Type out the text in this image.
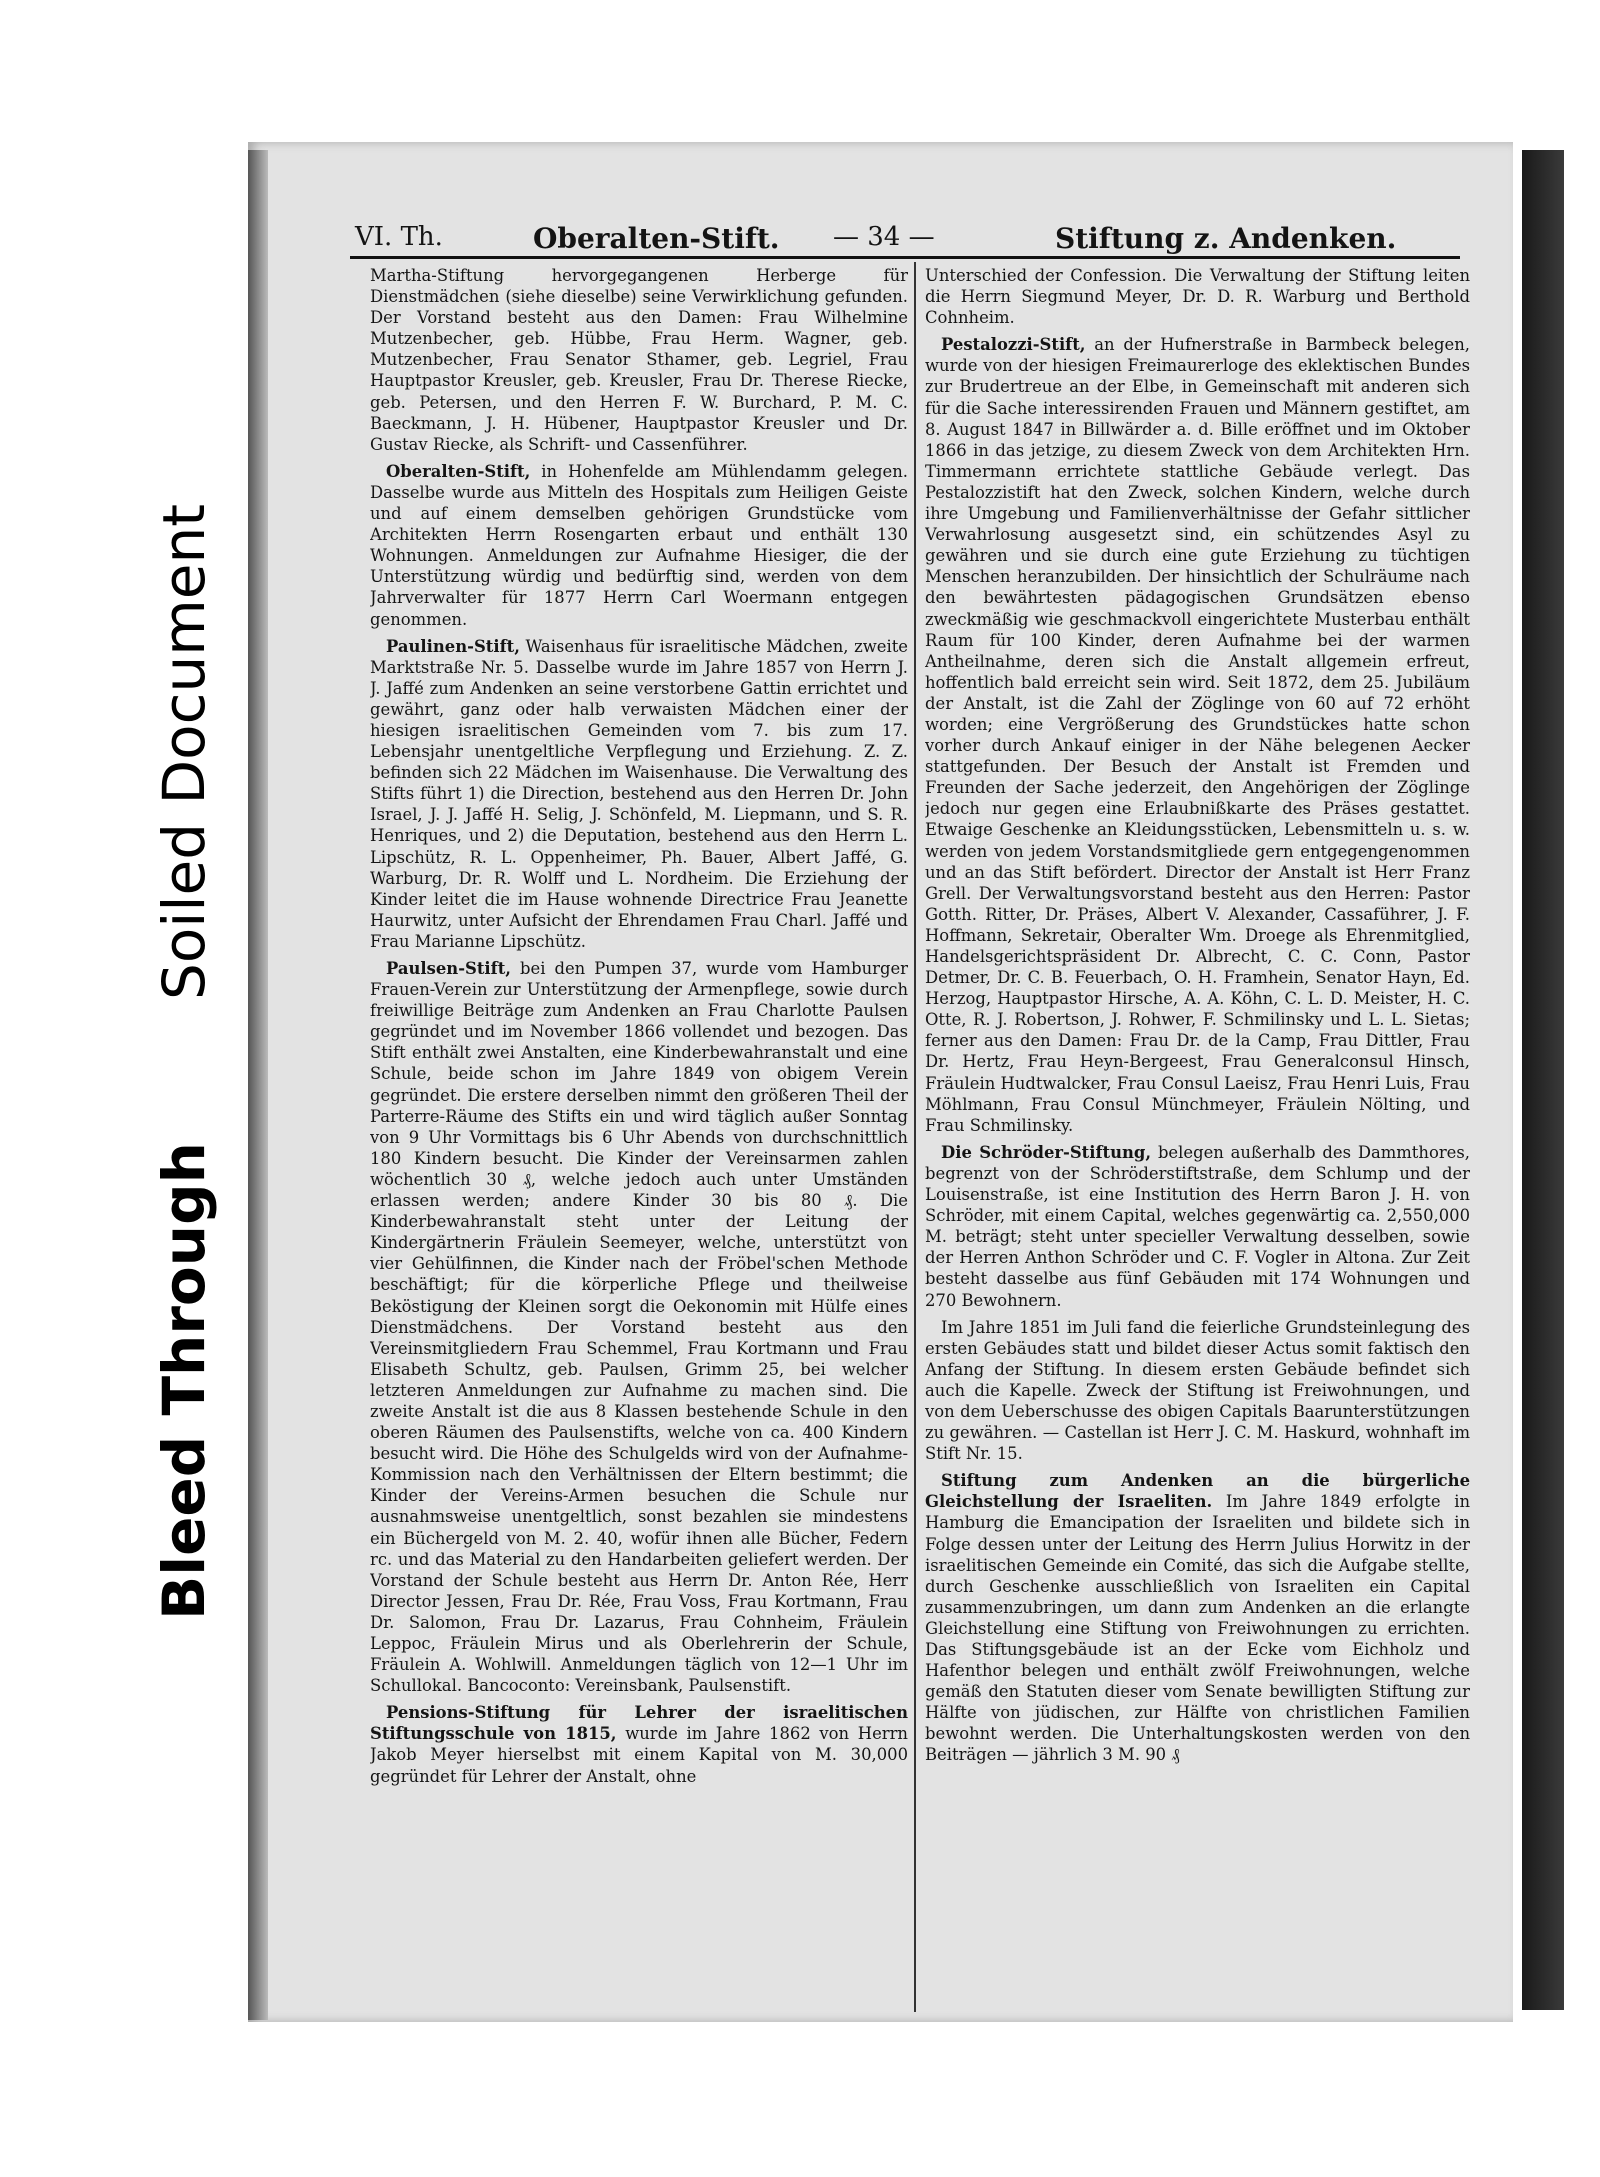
Soiled Document
Bleed Through
VI. Th.	Oberalten-Stift. — 34 —	Stiftung z. Andenken.

Martha-Stiftung hervorgegangenen Herberge für Dienstmädchen (siehe dieselbe) seine Verwirklichung gefunden. Der Vorstand besteht aus den Damen: Frau Wilhelmine Mutzenbecher, geb. Hübbe, Frau Herm. Wagner, geb. Mutzenbecher, Frau Senator Sthamer, geb. Legriel, Frau Hauptpastor Kreusler, geb. Kreusler, Frau Dr. Therese Riecke, geb. Petersen, und den Herren F. W. Burchard, P. M. C. Baeckmann, J. H. Hübener, Hauptpastor Kreusler und Dr. Gustav Riecke, als Schrift- und Cassenführer.

Oberalten-Stift, in Hohenfelde am Mühlendamm gelegen. Dasselbe wurde aus Mitteln des Hospitals zum Heiligen Geiste und auf einem demselben gehörigen Grundstücke vom Architekten Herrn Rosengarten erbaut und enthält 130 Wohnungen. Anmeldungen zur Aufnahme Hiesiger, die der Unterstützung würdig und bedürftig sind, werden von dem Jahrverwalter für 1877 Herrn Carl Woermann entgegen genommen.

Paulinen-Stift, Waisenhaus für israelitische Mädchen, zweite Marktstraße Nr. 5. Dasselbe wurde im Jahre 1857 von Herrn J. J. Jaffé zum Andenken an seine verstorbene Gattin errichtet und gewährt, ganz oder halb verwaisten Mädchen einer der hiesigen israelitischen Gemeinden vom 7. bis zum 17. Lebensjahr unentgeltliche Verpflegung und Erziehung. Z. Z. befinden sich 22 Mädchen im Waisenhause. Die Verwaltung des Stifts führt 1) die Direction, bestehend aus den Herren Dr. John Israel, J. J. Jaffé H. Selig, J. Schönfeld, M. Liepmann, und S. R. Henriques, und 2) die Deputation, bestehend aus den Herrn L. Lipschütz, R. L. Oppenheimer, Ph. Bauer, Albert Jaffé, G. Warburg, Dr. R. Wolff und L. Nordheim. Die Erziehung der Kinder leitet die im Hause wohnende Directrice Frau Jeanette Haurwitz, unter Aufsicht der Ehrendamen Frau Charl. Jaffé und Frau Marianne Lipschütz.

Paulsen-Stift, bei den Pumpen 37, wurde vom Hamburger Frauen-Verein zur Unterstützung der Armenpflege, sowie durch freiwillige Beiträge zum Andenken an Frau Charlotte Paulsen gegründet und im November 1866 vollendet und bezogen. Das Stift enthält zwei Anstalten, eine Kinderbewahranstalt und eine Schule, beide schon im Jahre 1849 von obigem Verein gegründet. Die erstere derselben nimmt den größeren Theil der Parterre-Räume des Stifts ein und wird täglich außer Sonntag von 9 Uhr Vormittags bis 6 Uhr Abends von durchschnittlich 180 Kindern besucht. Die Kinder der Vereinsarmen zahlen wöchentlich 30 ₰, welche jedoch auch unter Umständen erlassen werden; andere Kinder 30 bis 80 ₰. Die Kinderbewahranstalt steht unter der Leitung der Kindergärtnerin Fräulein Seemeyer, welche, unterstützt von vier Gehülfinnen, die Kinder nach der Fröbel'schen Methode beschäftigt; für die körperliche Pflege und theilweise Beköstigung der Kleinen sorgt die Oekonomin mit Hülfe eines Dienstmädchens. Der Vorstand besteht aus den Vereinsmitgliedern Frau Schemmel, Frau Kortmann und Frau Elisabeth Schultz, geb. Paulsen, Grimm 25, bei welcher letzteren Anmeldungen zur Aufnahme zu machen sind. Die zweite Anstalt ist die aus 8 Klassen bestehende Schule in den oberen Räumen des Paulsenstifts, welche von ca. 400 Kindern besucht wird. Die Höhe des Schulgelds wird von der Aufnahme-Kommission nach den Verhältnissen der Eltern bestimmt; die Kinder der Vereins-Armen besuchen die Schule nur ausnahmsweise unentgeltlich, sonst bezahlen sie mindestens ein Büchergeld von M. 2. 40, wofür ihnen alle Bücher, Federn rc. und das Material zu den Handarbeiten geliefert werden. Der Vorstand der Schule besteht aus Herrn Dr. Anton Rée, Herr Director Jessen, Frau Dr. Rée, Frau Voss, Frau Kortmann, Frau Dr. Salomon, Frau Dr. Lazarus, Frau Cohnheim, Fräulein Leppoc, Fräulein Mirus und als Oberlehrerin der Schule, Fräulein A. Wohlwill. Anmeldungen täglich von 12—1 Uhr im Schullokal. Bancoconto: Vereinsbank, Paulsenstift.

Pensions-Stiftung für Lehrer der israelitischen Stiftungsschule von 1815, wurde im Jahre 1862 von Herrn Jakob Meyer hierselbst mit einem Kapital von M. 30,000 gegründet für Lehrer der Anstalt, ohne

Unterschied der Confession. Die Verwaltung der Stiftung leiten die Herrn Siegmund Meyer, Dr. D. R. Warburg und Berthold Cohnheim.

Pestalozzi-Stift, an der Hufnerstraße in Barmbeck belegen, wurde von der hiesigen Freimaurerloge des eklektischen Bundes zur Brudertreue an der Elbe, in Gemeinschaft mit anderen sich für die Sache interessirenden Frauen und Männern gestiftet, am 8. August 1847 in Billwärder a. d. Bille eröffnet und im Oktober 1866 in das jetzige, zu diesem Zweck von dem Architekten Hrn. Timmermann errichtete stattliche Gebäude verlegt. Das Pestalozzistift hat den Zweck, solchen Kindern, welche durch ihre Umgebung und Familienverhältnisse der Gefahr sittlicher Verwahrlosung ausgesetzt sind, ein schützendes Asyl zu gewähren und sie durch eine gute Erziehung zu tüchtigen Menschen heranzubilden. Der hinsichtlich der Schulräume nach den bewährtesten pädagogischen Grundsätzen ebenso zweckmäßig wie geschmackvoll eingerichtete Musterbau enthält Raum für 100 Kinder, deren Aufnahme bei der warmen Antheilnahme, deren sich die Anstalt allgemein erfreut, hoffentlich bald erreicht sein wird. Seit 1872, dem 25. Jubiläum der Anstalt, ist die Zahl der Zöglinge von 60 auf 72 erhöht worden; eine Vergrößerung des Grundstückes hatte schon vorher durch Ankauf einiger in der Nähe belegenen Aecker stattgefunden. Der Besuch der Anstalt ist Fremden und Freunden der Sache jederzeit, den Angehörigen der Zöglinge jedoch nur gegen eine Erlaubnißkarte des Präses gestattet. Etwaige Geschenke an Kleidungsstücken, Lebensmitteln u. s. w. werden von jedem Vorstandsmitgliede gern entgegengenommen und an das Stift befördert. Director der Anstalt ist Herr Franz Grell. Der Verwaltungsvorstand besteht aus den Herren: Pastor Gotth. Ritter, Dr. Präses, Albert V. Alexander, Cassaführer, J. F. Hoffmann, Sekretair, Oberalter Wm. Droege als Ehrenmitglied, Handelsgerichtspräsident Dr. Albrecht, C. C. Conn, Pastor Detmer, Dr. C. B. Feuerbach, O. H. Framhein, Senator Hayn, Ed. Herzog, Hauptpastor Hirsche, A. A. Köhn, C. L. D. Meister, H. C. Otte, R. J. Robertson, J. Rohwer, F. Schmilinsky und L. L. Sietas; ferner aus den Damen: Frau Dr. de la Camp, Frau Dittler, Frau Dr. Hertz, Frau Heyn-Bergeest, Frau Generalconsul Hinsch, Fräulein Hudtwalcker, Frau Consul Laeisz, Frau Henri Luis, Frau Möhlmann, Frau Consul Münchmeyer, Fräulein Nölting, und Frau Schmilinsky.

Die Schröder-Stiftung, belegen außerhalb des Dammthores, begrenzt von der Schröderstiftstraße, dem Schlump und der Louisenstraße, ist eine Institution des Herrn Baron J. H. von Schröder, mit einem Capital, welches gegenwärtig ca. 2,550,000 M. beträgt; steht unter specieller Verwaltung desselben, sowie der Herren Anthon Schröder und C. F. Vogler in Altona. Zur Zeit besteht dasselbe aus fünf Gebäuden mit 174 Wohnungen und 270 Bewohnern.

Im Jahre 1851 im Juli fand die feierliche Grundsteinlegung des ersten Gebäudes statt und bildet dieser Actus somit faktisch den Anfang der Stiftung. In diesem ersten Gebäude befindet sich auch die Kapelle. Zweck der Stiftung ist Freiwohnungen, und von dem Ueberschusse des obigen Capitals Baarunterstützungen zu gewähren. — Castellan ist Herr J. C. M. Haskurd, wohnhaft im Stift Nr. 15.

Stiftung zum Andenken an die bürgerliche Gleichstellung der Israeliten. Im Jahre 1849 erfolgte in Hamburg die Emancipation der Israeliten und bildete sich in Folge dessen unter der Leitung des Herrn Julius Horwitz in der israelitischen Gemeinde ein Comité, das sich die Aufgabe stellte, durch Geschenke ausschließlich von Israeliten ein Capital zusammenzubringen, um dann zum Andenken an die erlangte Gleichstellung eine Stiftung von Freiwohnungen zu errichten. Das Stiftungsgebäude ist an der Ecke vom Eichholz und Hafenthor belegen und enthält zwölf Freiwohnungen, welche gemäß den Statuten dieser vom Senate bewilligten Stiftung zur Hälfte von jüdischen, zur Hälfte von christlichen Familien bewohnt werden. Die Unterhaltungskosten werden von den Beiträgen — jährlich 3 M. 90 ₰
